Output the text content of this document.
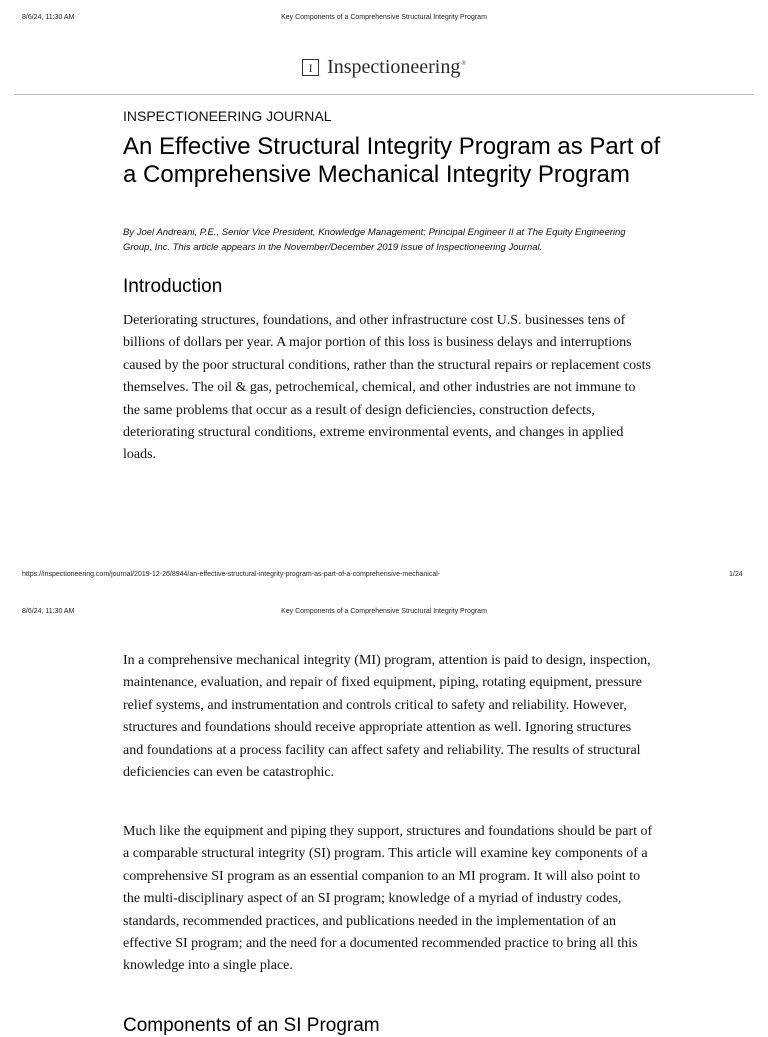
8/6/24, 11:30 AM	Key Components of a Comprehensive Structural Integrity Program
I Inspectioneering®
INSPECTIONEERING JOURNAL
An Effective Structural Integrity Program as Part of a Comprehensive Mechanical Integrity Program
By Joel Andreani, P.E., Senior Vice President, Knowledge Management; Principal Engineer II at The Equity Engineering Group, Inc. This article appears in the November/December 2019 issue of Inspectioneering Journal.
Introduction

Deteriorating structures, foundations, and other infrastructure cost U.S. businesses tens of billions of dollars per year. A major portion of this loss is business delays and interruptions caused by the poor structural conditions, rather than the structural repairs or replacement costs themselves. The oil & gas, petrochemical, chemical, and other industries are not immune to the same problems that occur as a result of design deficiencies, construction defects, deteriorating structural conditions, extreme environmental events, and changes in applied loads.

https://inspectioneering.com/journal/2019-12-26/8944/an-effective-structural-integrity-program-as-part-of-a-comprehensive-mechanical-	1/24
8/6/24, 11:30 AM	Key Components of a Comprehensive Structural Integrity Program

In a comprehensive mechanical integrity (MI) program, attention is paid to design, inspection, maintenance, evaluation, and repair of fixed equipment, piping, rotating equipment, pressure relief systems, and instrumentation and controls critical to safety and reliability. However, structures and foundations should receive appropriate attention as well. Ignoring structures and foundations at a process facility can affect safety and reliability. The results of structural deficiencies can even be catastrophic.

Much like the equipment and piping they support, structures and foundations should be part of a comparable structural integrity (SI) program. This article will examine key components of a comprehensive SI program as an essential companion to an MI program. It will also point to the multi-disciplinary aspect of an SI program; knowledge of a myriad of industry codes, standards, recommended practices, and publications needed in the implementation of an effective SI program; and the need for a documented recommended practice to bring all this knowledge into a single place.

Components of an SI Program
